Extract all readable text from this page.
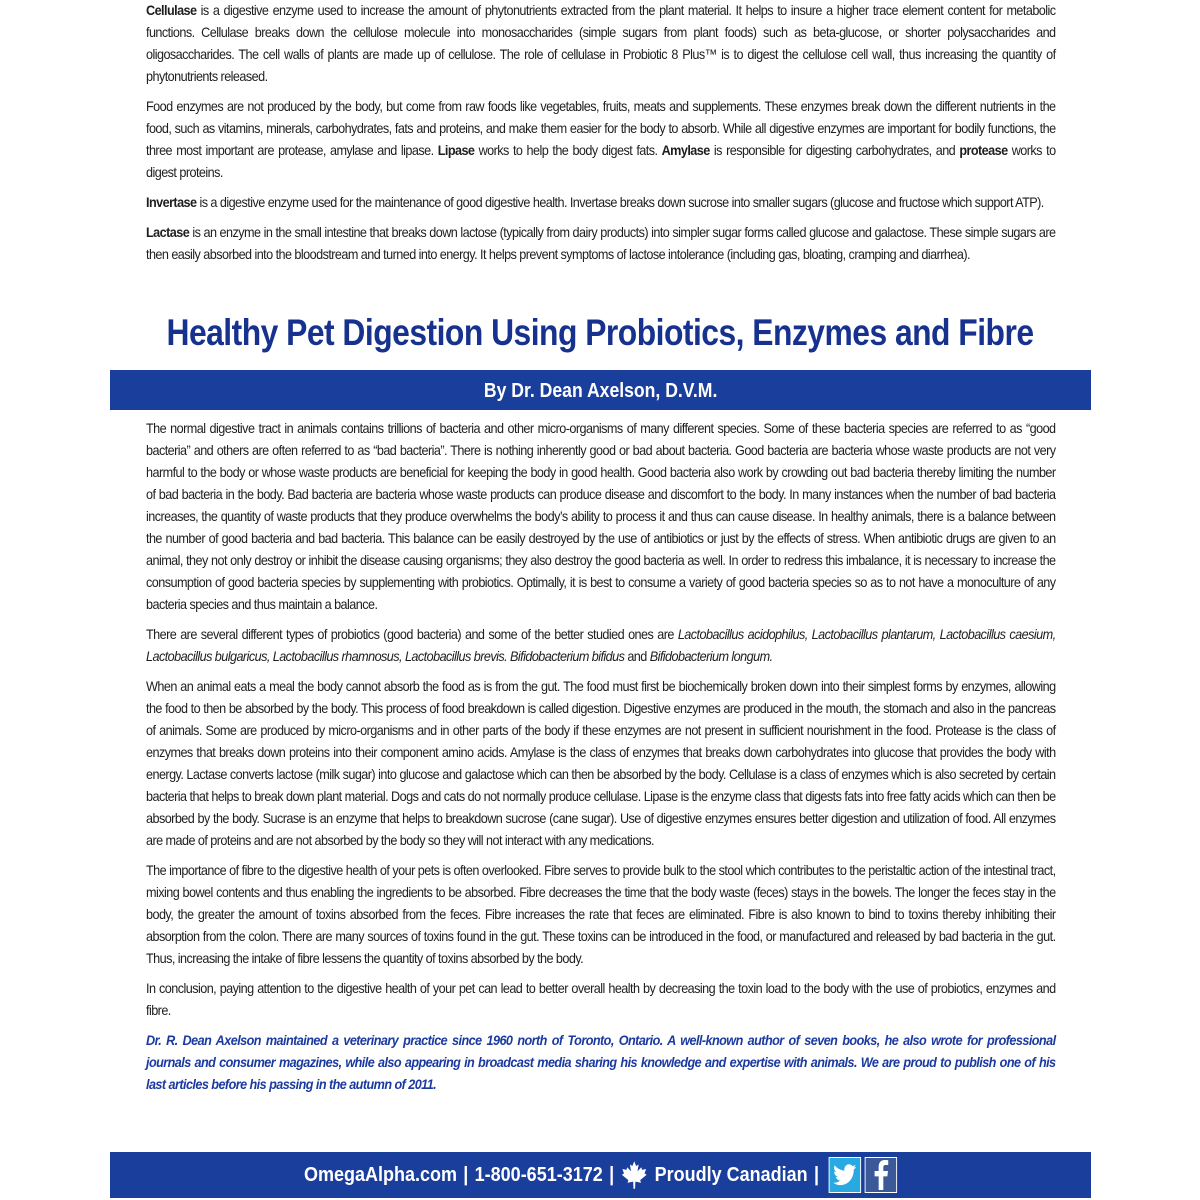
Cellulase is a digestive enzyme used to increase the amount of phytonutrients extracted from the plant material. It helps to insure a higher trace element content for metabolic functions. Cellulase breaks down the cellulose molecule into monosaccharides (simple sugars from plant foods) such as beta-glucose, or shorter polysaccharides and oligosaccharides. The cell walls of plants are made up of cellulose. The role of cellulase in Probiotic 8 Plus™ is to digest the cellulose cell wall, thus increasing the quantity of phytonutrients released.

Food enzymes are not produced by the body, but come from raw foods like vegetables, fruits, meats and supplements. These enzymes break down the different nutrients in the food, such as vitamins, minerals, carbohydrates, fats and proteins, and make them easier for the body to absorb. While all digestive enzymes are important for bodily functions, the three most important are protease, amylase and lipase. Lipase works to help the body digest fats. Amylase is responsible for digesting carbohydrates, and protease works to digest proteins.

Invertase is a digestive enzyme used for the maintenance of good digestive health. Invertase breaks down sucrose into smaller sugars (glucose and fructose which support ATP).

Lactase is an enzyme in the small intestine that breaks down lactose (typically from dairy products) into simpler sugar forms called glucose and galactose. These simple sugars are then easily absorbed into the bloodstream and turned into energy. It helps prevent symptoms of lactose intolerance (including gas, bloating, cramping and diarrhea).

Healthy Pet Digestion Using Probiotics, Enzymes and Fibre
By Dr. Dean Axelson, D.V.M.

The normal digestive tract in animals contains trillions of bacteria and other micro-organisms of many different species. Some of these bacteria species are referred to as “good bacteria” and others are often referred to as “bad bacteria”. There is nothing inherently good or bad about bacteria. Good bacteria are bacteria whose waste products are not very harmful to the body or whose waste products are beneficial for keeping the body in good health. Good bacteria also work by crowding out bad bacteria thereby limiting the number of bad bacteria in the body. Bad bacteria are bacteria whose waste products can produce disease and discomfort to the body. In many instances when the number of bad bacteria increases, the quantity of waste products that they produce overwhelms the body’s ability to process it and thus can cause disease. In healthy animals, there is a balance between the number of good bacteria and bad bacteria. This balance can be easily destroyed by the use of antibiotics or just by the effects of stress. When antibiotic drugs are given to an animal, they not only destroy or inhibit the disease causing organisms; they also destroy the good bacteria as well. In order to redress this imbalance, it is necessary to increase the consumption of good bacteria species by supplementing with probiotics. Optimally, it is best to consume a variety of good bacteria species so as to not have a monoculture of any bacteria species and thus maintain a balance.

There are several different types of probiotics (good bacteria) and some of the better studied ones are Lactobacillus acidophilus, Lactobacillus plantarum, Lactobacillus caesium, Lactobacillus bulgaricus, Lactobacillus rhamnosus, Lactobacillus brevis. Bifidobacterium bifidus and Bifidobacterium longum.

When an animal eats a meal the body cannot absorb the food as is from the gut. The food must first be biochemically broken down into their simplest forms by enzymes, allowing the food to then be absorbed by the body. This process of food breakdown is called digestion. Digestive enzymes are produced in the mouth, the stomach and also in the pancreas of animals. Some are produced by micro-organisms and in other parts of the body if these enzymes are not present in sufficient nourishment in the food. Protease is the class of enzymes that breaks down proteins into their component amino acids. Amylase is the class of enzymes that breaks down carbohydrates into glucose that provides the body with energy. Lactase converts lactose (milk sugar) into glucose and galactose which can then be absorbed by the body. Cellulase is a class of enzymes which is also secreted by certain bacteria that helps to break down plant material. Dogs and cats do not normally produce cellulase. Lipase is the enzyme class that digests fats into free fatty acids which can then be absorbed by the body. Sucrase is an enzyme that helps to breakdown sucrose (cane sugar). Use of digestive enzymes ensures better digestion and utilization of food. All enzymes are made of proteins and are not absorbed by the body so they will not interact with any medications.

The importance of fibre to the digestive health of your pets is often overlooked. Fibre serves to provide bulk to the stool which contributes to the peristaltic action of the intestinal tract, mixing bowel contents and thus enabling the ingredients to be absorbed. Fibre decreases the time that the body waste (feces) stays in the bowels. The longer the feces stay in the body, the greater the amount of toxins absorbed from the feces. Fibre increases the rate that feces are eliminated. Fibre is also known to bind to toxins thereby inhibiting their absorption from the colon. There are many sources of toxins found in the gut. These toxins can be introduced in the food, or manufactured and released by bad bacteria in the gut. Thus, increasing the intake of fibre lessens the quantity of toxins absorbed by the body.

In conclusion, paying attention to the digestive health of your pet can lead to better overall health by decreasing the toxin load to the body with the use of probiotics, enzymes and fibre.

Dr. R. Dean Axelson maintained a veterinary practice since 1960 north of Toronto, Ontario. A well-known author of seven books, he also wrote for professional journals and consumer magazines, while also appearing in broadcast media sharing his knowledge and expertise with animals. We are proud to publish one of his last articles before his passing in the autumn of 2011.

OmegaAlpha.com | 1-800-651-3172 | Proudly Canadian |
